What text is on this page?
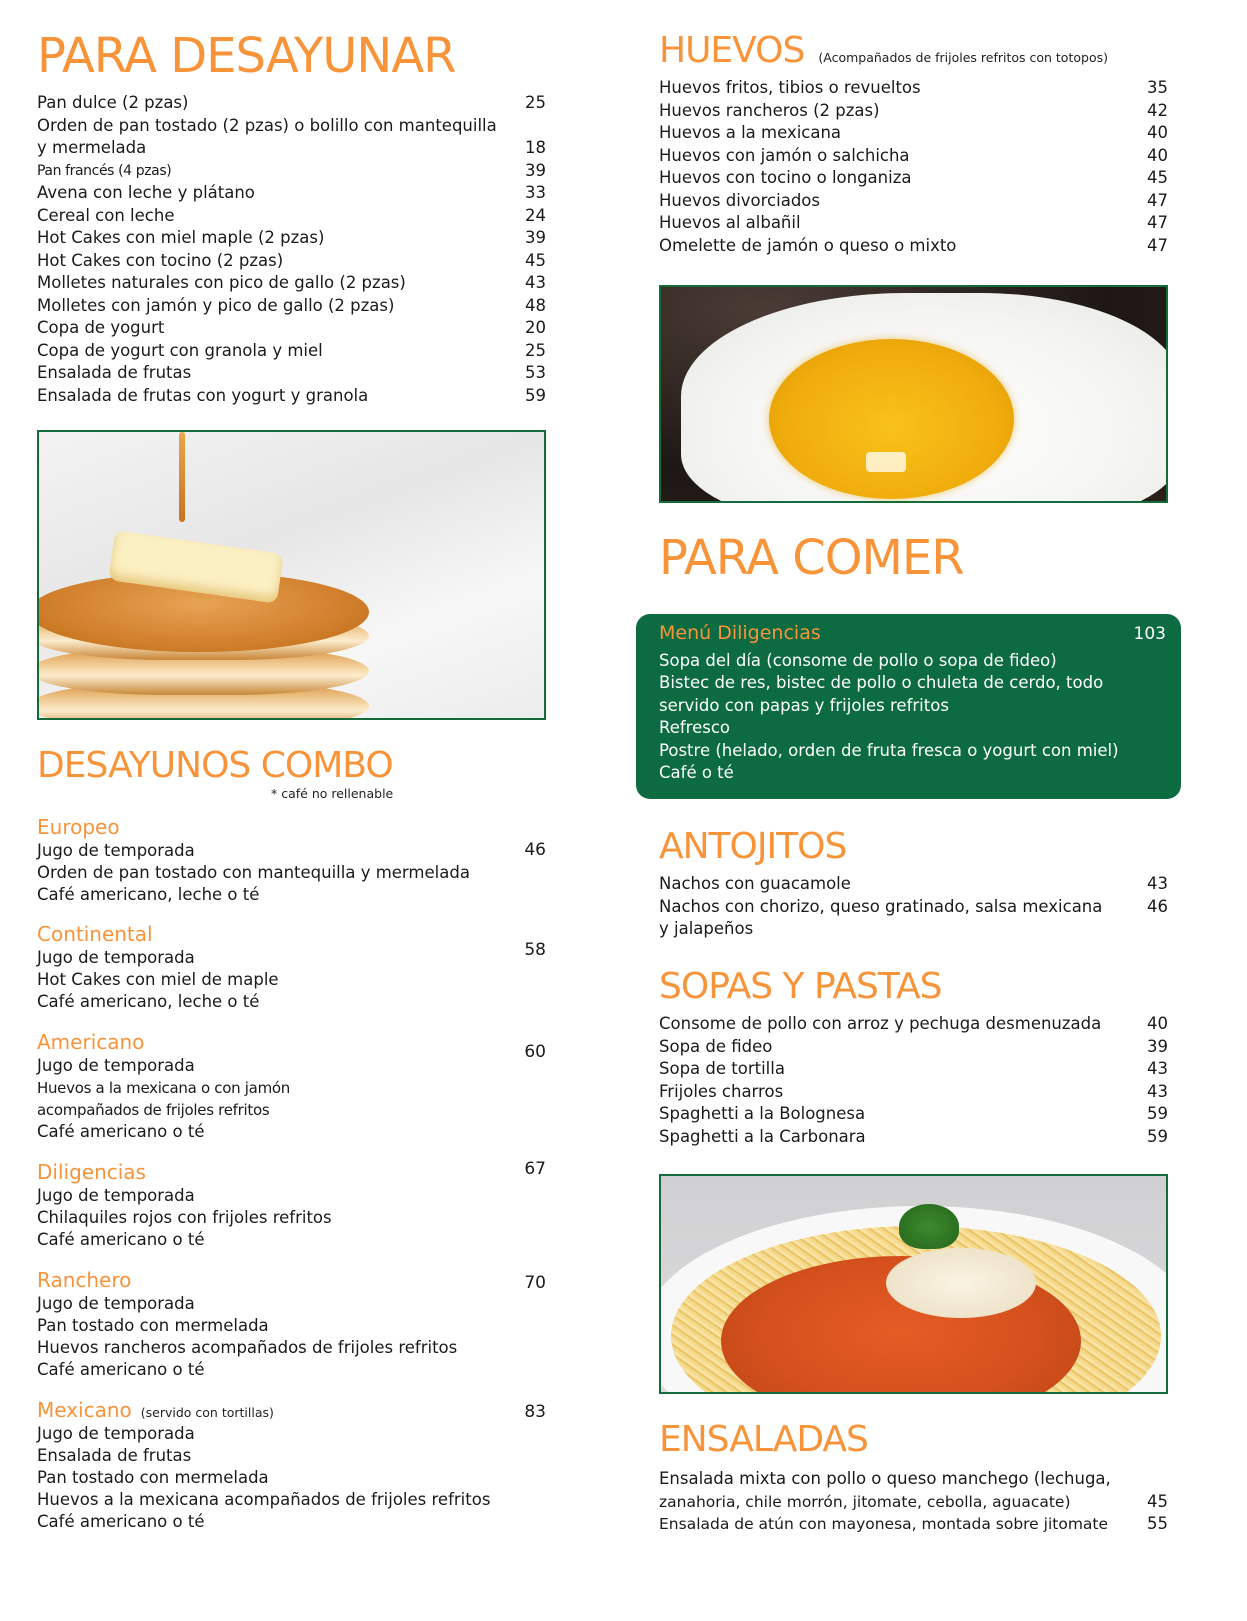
PARA DESAYUNAR
Pan dulce (2 pzas)	25
Orden de pan tostado (2 pzas) o bolillo con mantequilla
y mermelada	18
Pan francés (4 pzas)	39
Avena con leche y plátano	33
Cereal con leche	24
Hot Cakes con miel maple (2 pzas)	39
Hot Cakes con tocino (2 pzas)	45
Molletes naturales con pico de gallo (2 pzas)	43
Molletes con jamón y pico de gallo (2 pzas)	48
Copa de yogurt	20
Copa de yogurt con granola y miel	25
Ensalada de frutas	53
Ensalada de frutas con yogurt y granola	59
DESAYUNOS COMBO
* café no rellenable
Europeo
46
Jugo de temporada
Orden de pan tostado con mantequilla y mermelada
Café americano, leche o té
Continental
58
Jugo de temporada
Hot Cakes con miel de maple
Café americano, leche o té
Americano	60
Jugo de temporada
Huevos a la mexicana o con jamón
acompañados de frijoles refritos
Café americano o té
Diligencias	67
Jugo de temporada
Chilaquiles rojos con frijoles refritos
Café americano o té
Ranchero	70
Jugo de temporada
Pan tostado con mermelada
Huevos rancheros acompañados de frijoles refritos
Café americano o té
Mexicano (servido con tortillas)	83
Jugo de temporada
Ensalada de frutas
Pan tostado con mermelada
Huevos a la mexicana acompañados de frijoles refritos
Café americano o té
HUEVOS (Acompañados de frijoles refritos con totopos)
Huevos fritos, tibios o revueltos	35
Huevos rancheros (2 pzas)	42
Huevos a la mexicana	40
Huevos con jamón o salchicha	40
Huevos con tocino o longaniza	45
Huevos divorciados	47
Huevos al albañil	47
Omelette de jamón o queso o mixto	47
PARA COMER
Menú Diligencias	103
Sopa del día (consome de pollo o sopa de fideo)
Bistec de res, bistec de pollo o chuleta de cerdo, todo
servido con papas y frijoles refritos
Refresco
Postre (helado, orden de fruta fresca o yogurt con miel)
Café o té
ANTOJITOS
Nachos con guacamole	43
Nachos con chorizo, queso gratinado, salsa mexicana	46
y jalapeños
SOPAS Y PASTAS
Consome de pollo con arroz y pechuga desmenuzada	40
Sopa de fideo	39
Sopa de tortilla	43
Frijoles charros	43
Spaghetti a la Bolognesa	59
Spaghetti a la Carbonara	59
ENSALADAS
Ensalada mixta con pollo o queso manchego (lechuga,
zanahoria, chile morrón, jitomate, cebolla, aguacate)	45
Ensalada de atún con mayonesa, montada sobre jitomate	55
